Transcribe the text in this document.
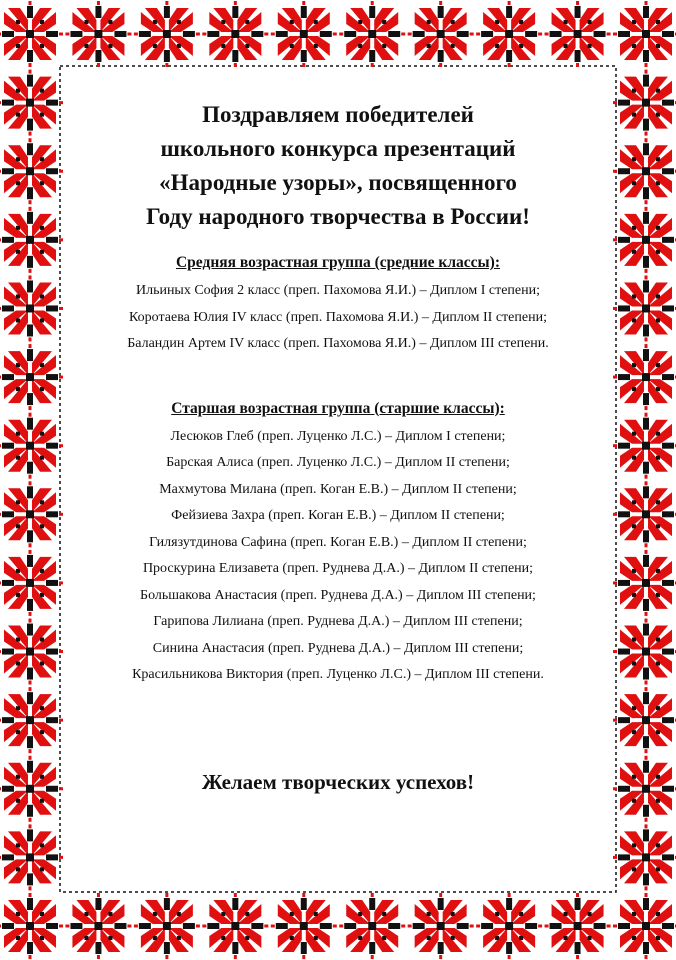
Поздравляем победителей
школьного конкурса презентаций
«Народные узоры», посвященного
Году народного творчества в России!
Средняя возрастная группа (средние классы):
Ильиных София 2 класс (преп. Пахомова Я.И.) – Диплом I степени;
Коротаева Юлия IV класс (преп. Пахомова Я.И.) – Диплом II степени;
Баландин Артем IV класс (преп. Пахомова Я.И.) – Диплом III степени.
Старшая возрастная группа (старшие классы):
Лесюков Глеб (преп. Луценко Л.С.) – Диплом I степени;
Барская Алиса (преп. Луценко Л.С.) – Диплом II степени;
Махмутова Милана (преп. Коган Е.В.) – Диплом II степени;
Фейзиева Захра (преп. Коган Е.В.) – Диплом II степени;
Гилязутдинова Сафина (преп. Коган Е.В.) – Диплом II степени;
Проскурина Елизавета (преп. Руднева Д.А.) – Диплом II степени;
Большакова Анастасия (преп. Руднева Д.А.) – Диплом III степени;
Гарипова Лилиана (преп. Руднева Д.А.) – Диплом III степени;
Синина Анастасия (преп. Руднева Д.А.) – Диплом III степени;
Красильникова Виктория (преп. Луценко Л.С.) – Диплом III степени.
Желаем творческих успехов!
